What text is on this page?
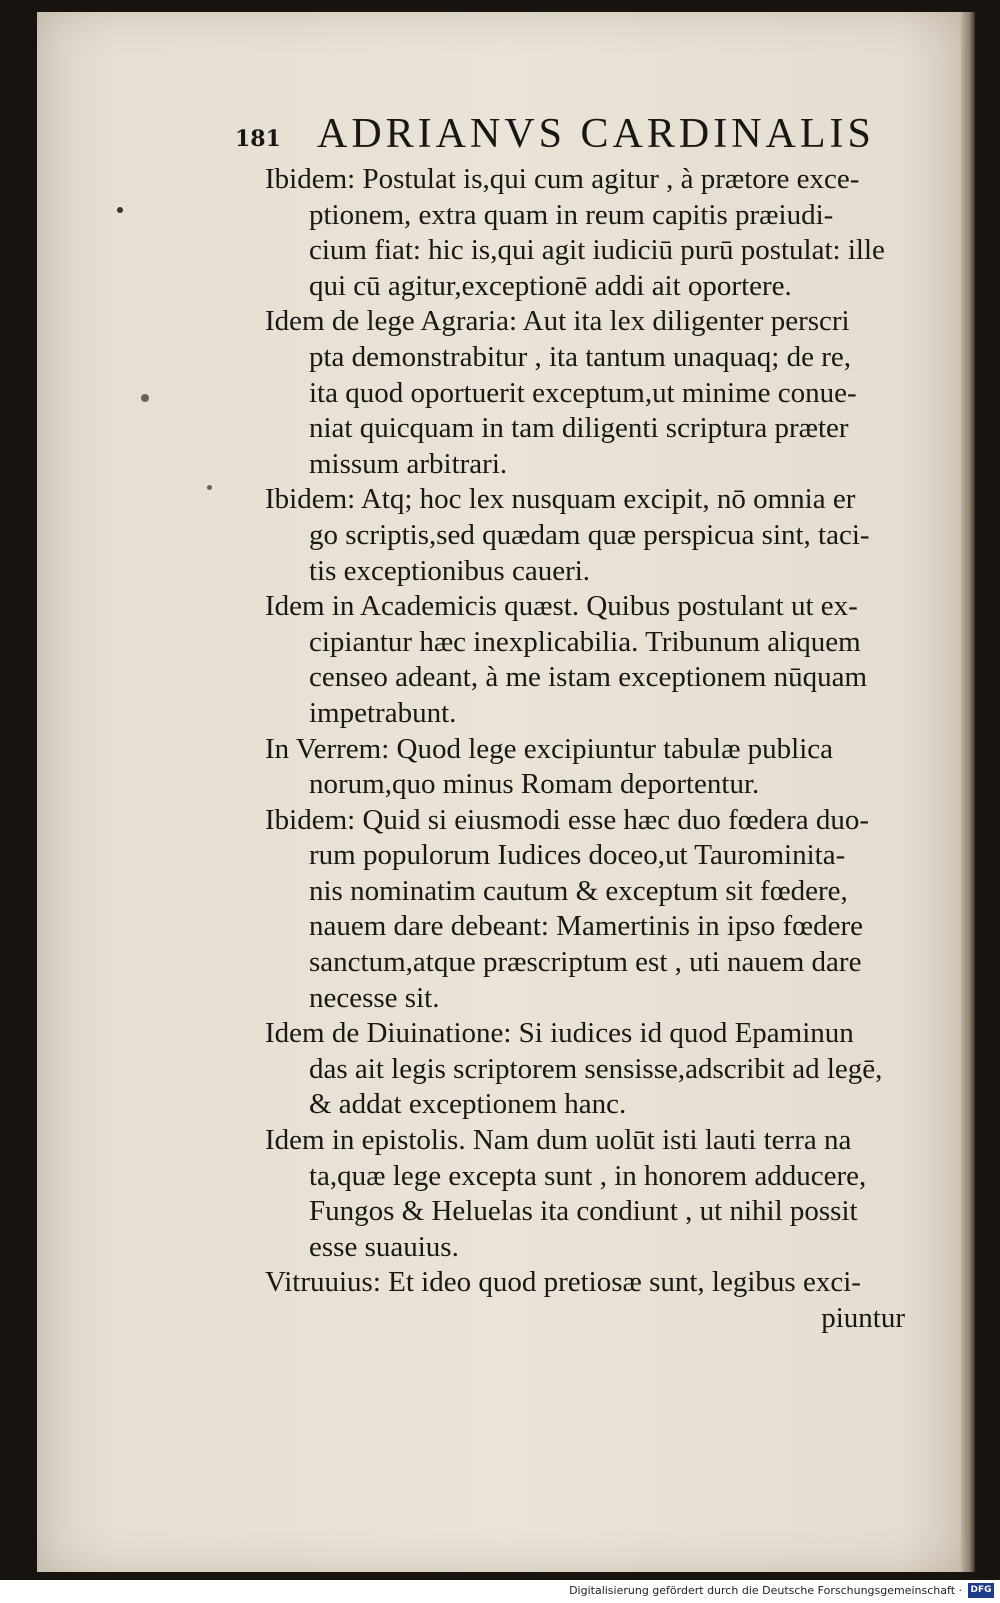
181 ADRIANVS CARDINALIS
Ibidem: Postulat is,qui cum agitur , à prætore exce-
ptionem, extra quam in reum capitis præiudi-
cium fiat: hic is,qui agit iudiciū purū postulat: ille
qui cū agitur,exceptionē addi ait oportere.
Idem de lege Agraria: Aut ita lex diligenter perscri
pta demonstrabitur , ita tantum unaquaq; de re,
ita quod oportuerit exceptum,ut minime conue-
niat quicquam in tam diligenti scriptura præter
missum arbitrari.
Ibidem: Atq; hoc lex nusquam excipit, nō omnia er
go scriptis,sed quædam quæ perspicua sint, taci-
tis exceptionibus caueri.
Idem in Academicis quæst. Quibus postulant ut ex-
cipiantur hæc inexplicabilia. Tribunum aliquem
censeo adeant, à me istam exceptionem nūquam
impetrabunt.
In Verrem: Quod lege excipiuntur tabulæ publica
norum,quo minus Romam deportentur.
Ibidem: Quid si eiusmodi esse hæc duo fœdera duo-
rum populorum Iudices doceo,ut Taurominita-
nis nominatim cautum & exceptum sit fœdere,
nauem dare debeant: Mamertinis in ipso fœdere
sanctum,atque præscriptum est , uti nauem dare
necesse sit.
Idem de Diuinatione: Si iudices id quod Epaminun
das ait legis scriptorem sensisse,adscribit ad legē,
& addat exceptionem hanc.
Idem in epistolis. Nam dum uolūt isti lauti terra na
ta,quæ lege excepta sunt , in honorem adducere,
Fungos & Heluelas ita condiunt , ut nihil possit
esse suauius.
Vitruuius: Et ideo quod pretiosæ sunt, legibus exci-
piuntur
Digitalisierung gefördert durch die Deutsche Forschungsgemeinschaft · DFG
